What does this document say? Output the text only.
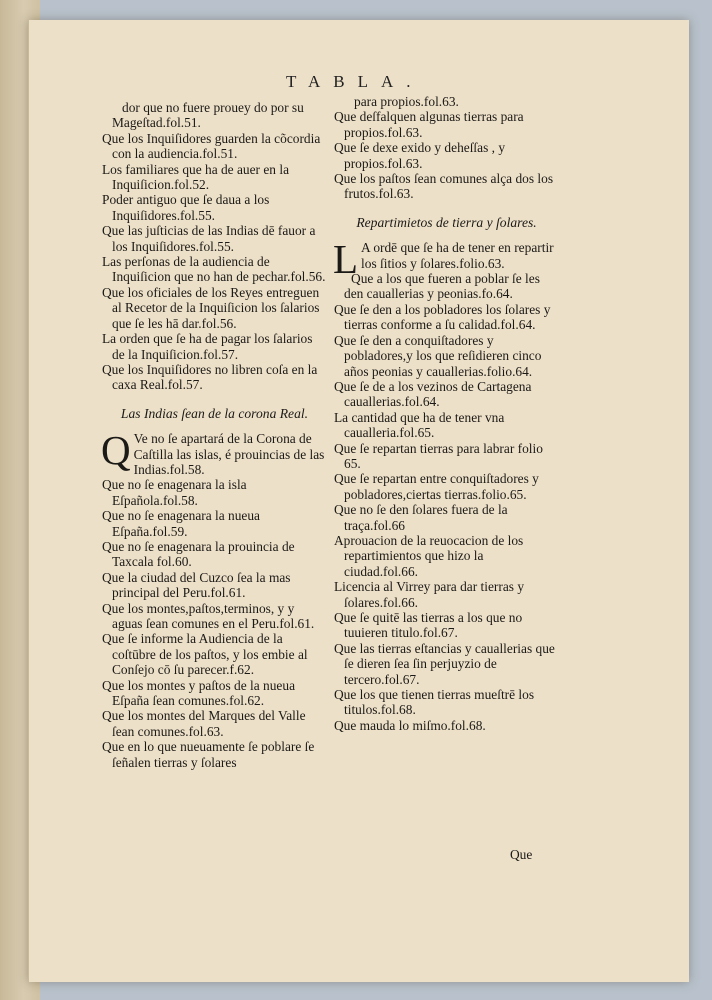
TABLA.
dor que no fuere prouey do por su Mageſtad.fol.51.
Que los Inquiſidores guarden la cõcordia con la audiencia.fol.51.
Los familiares que ha de auer en la Inquiſicion.fol.52.
Poder antiguo que ſe daua a los Inquiſidores.fol.55.
Que las juſticias de las Indias dē fauor a los Inquiſidores.fol.55.
Las perſonas de la audiencia de Inquiſicion que no han de pechar.fol.56.
Que los oficiales de los Reyes entreguen al Recetor de la Inquiſicion los ſalarios que ſe les hā dar.fol.56.
La orden que ſe ha de pagar los ſalarios de la Inquiſicion.fol.57.
Que los Inquiſidores no libren coſa en la caxa Real.fol.57.
Las Indias ſean de la corona Real.
Q Ve no ſe apartará de la Corona de Caſtilla las islas, é prouincias de las Indias.fol.58.
Que no ſe enagenara la isla Eſpañola.fol.58.
Que no ſe enagenara la nueua Eſpaña.fol.59.
Que no ſe enagenara la prouincia de Taxcala fol.60.
Que la ciudad del Cuzco ſea la mas principal del Peru.fol.61.
Que los montes,paſtos,terminos, y y aguas ſean comunes en el Peru.fol.61.
Que ſe informe la Audiencia de la coſtūbre de los paſtos, y los embie al Conſejo cō ſu parecer.f.62.
Que los montes y paſtos de la nueua Eſpaña ſean comunes.fol.62.
Que los montes del Marques del Valle ſean comunes.fol.63.
Que en lo que nueuamente ſe poblare ſe ſeñalen tierras y ſolares
para propios.fol.63.
Que deſfalquen algunas tierras para propios.fol.63.
Que ſe dexe exido y deheſſas , y propios.fol.63.
Que los paſtos ſean comunes alça dos los frutos.fol.63.
Repartimietos de tierra y ſolares.
L A ordē que ſe ha de tener en repartir los ſitios y ſolares.folio.63.
Que a los que fueren a poblar ſe les den cauallerias y peonias.fo.64.
Que ſe den a los pobladores los ſolares y tierras conforme a ſu calidad.fol.64.
Que ſe den a conquiſtadores y pobladores,y los que reſidieren cinco años peonias y cauallerias.folio.64.
Que ſe de a los vezinos de Cartagena cauallerias.fol.64.
La cantidad que ha de tener vna caualleria.fol.65.
Que ſe repartan tierras para labrar folio 65.
Que ſe repartan entre conquiſtadores y pobladores,ciertas tierras.folio.65.
Que no ſe den ſolares fuera de la traça.fol.66
Aprouacion de la reuocacion de los repartimientos que hizo la ciudad.fol.66.
Licencia al Virrey para dar tierras y ſolares.fol.66.
Que ſe quitē las tierras a los que no tuuieren titulo.fol.67.
Que las tierras eſtancias y cauallerias que ſe dieren ſea ſin perjuyzio de tercero.fol.67.
Que los que tienen tierras mueſtrē los titulos.fol.68.
Que mauda lo miſmo.fol.68.
Que
